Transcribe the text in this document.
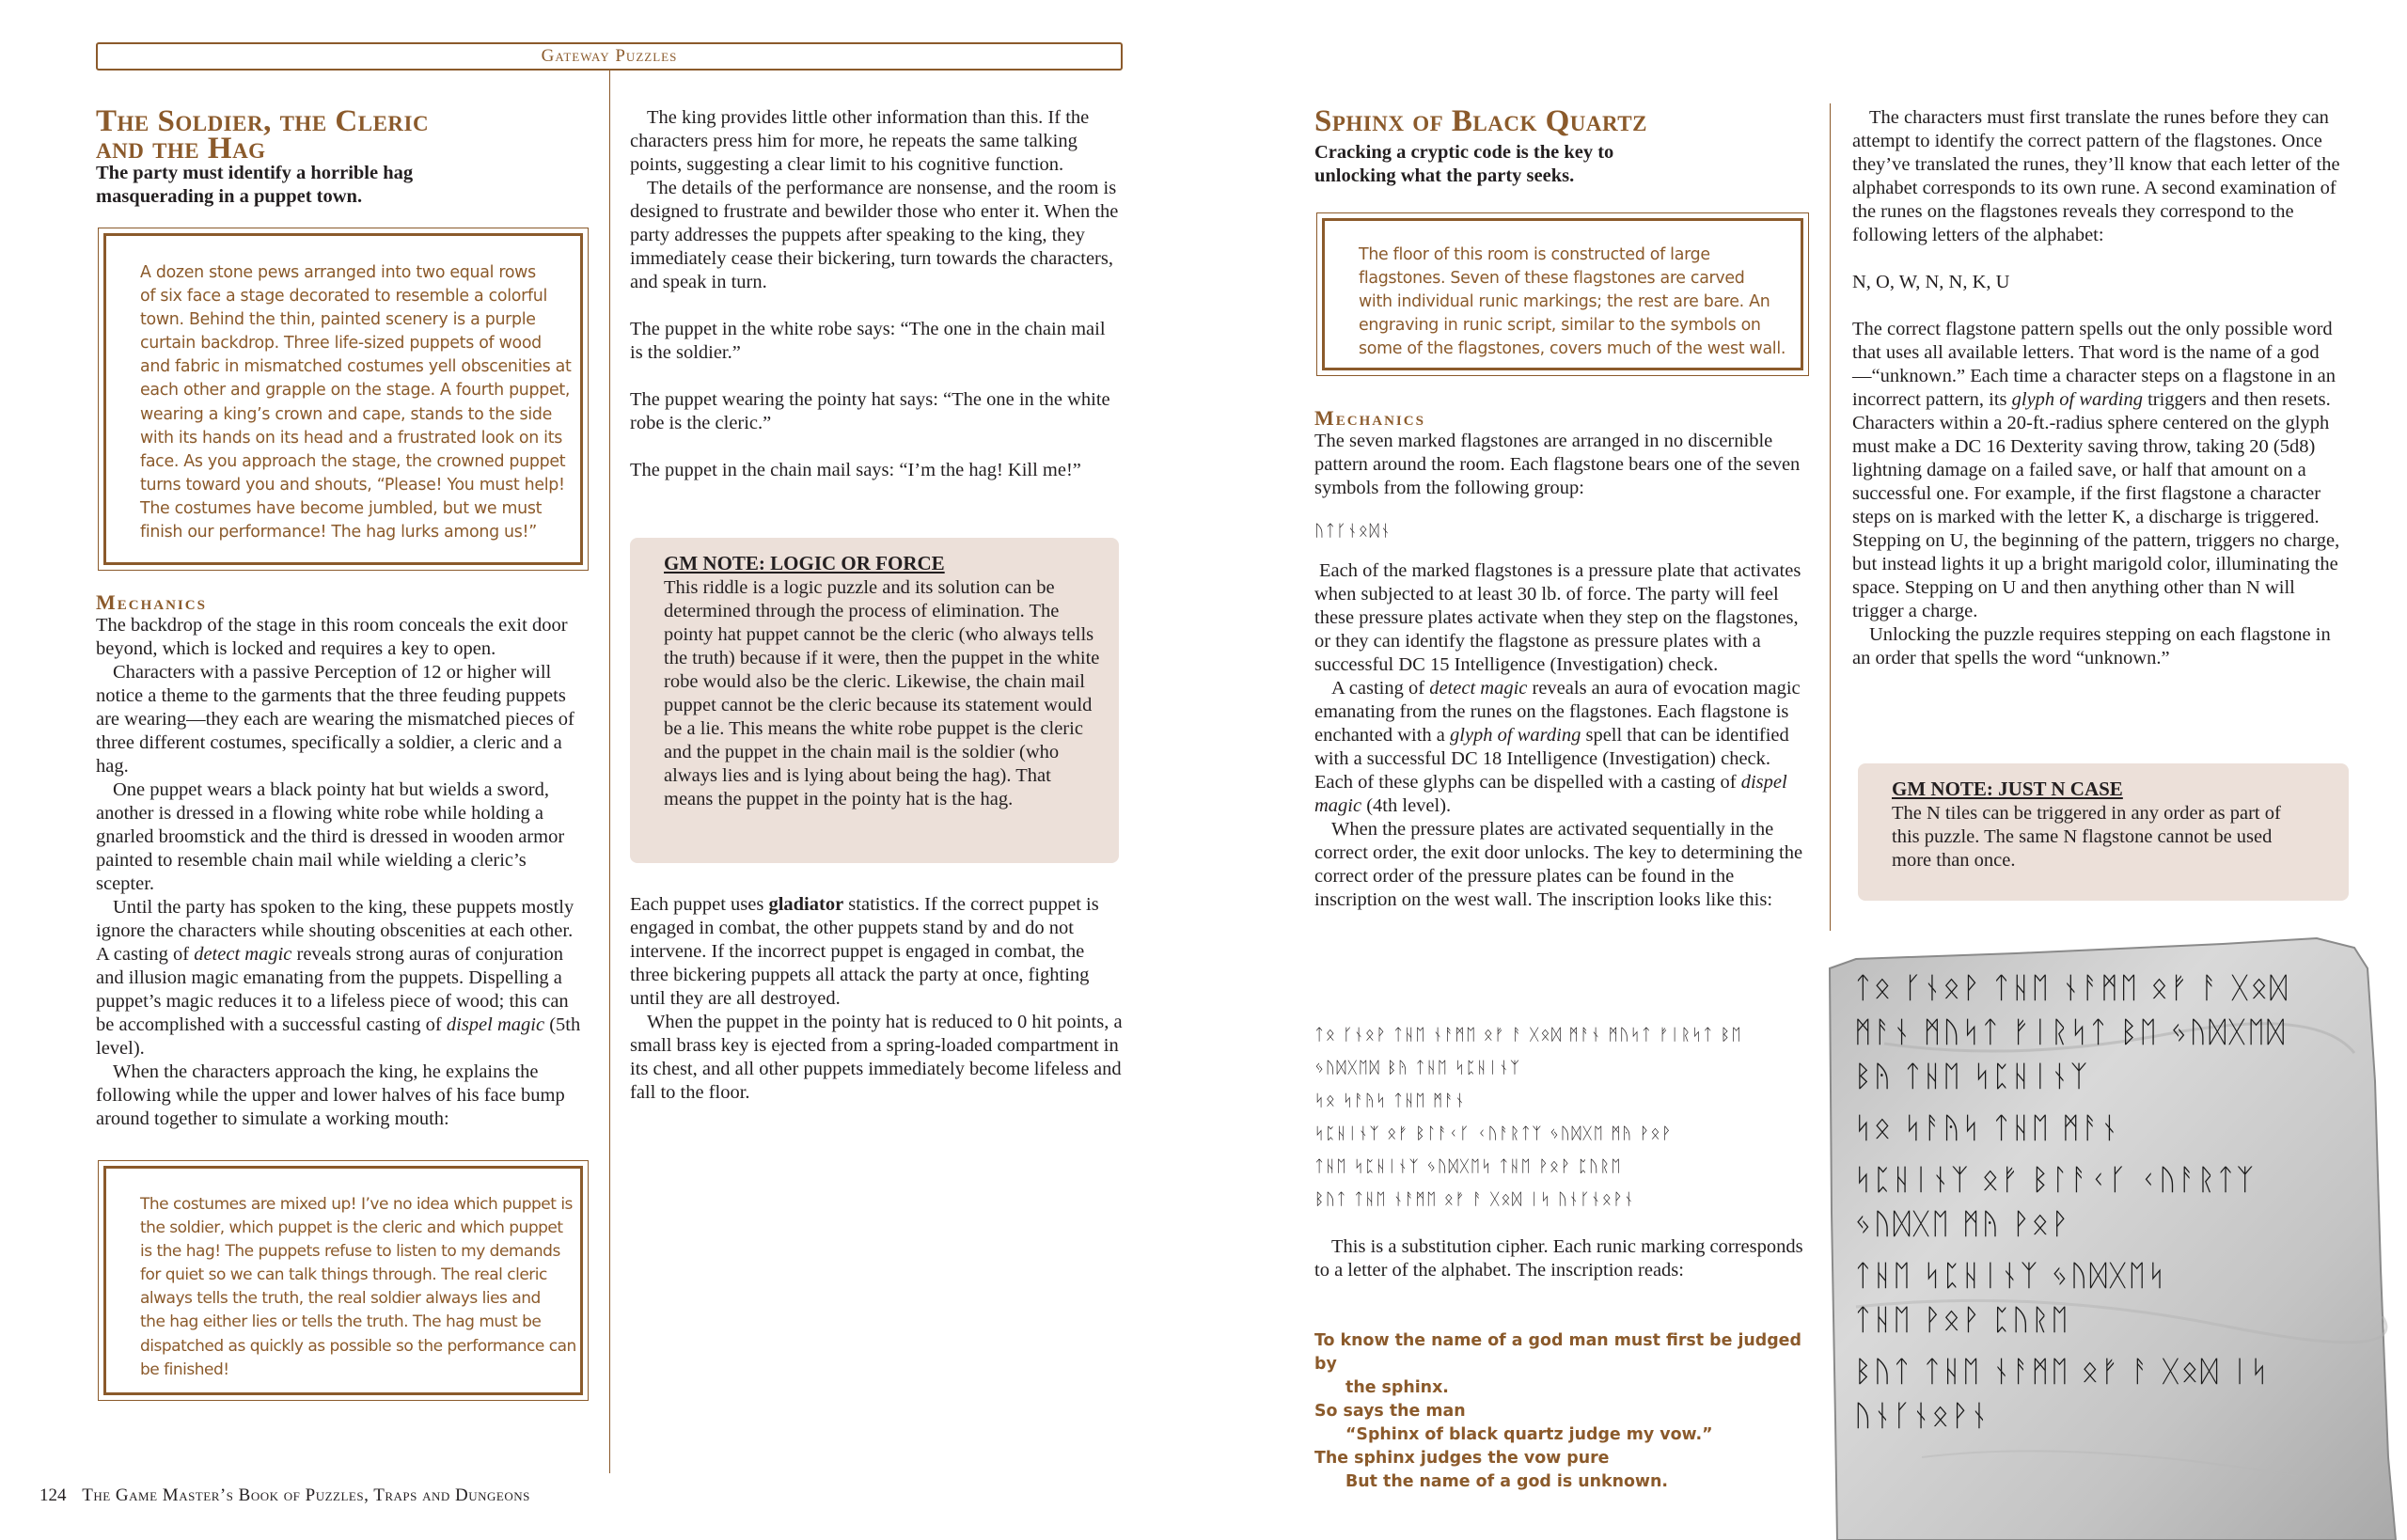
Gateway Puzzles
The Soldier, the Cleric
and the Hag

The party must identify a horrible hag
masquerading in a puppet town.

A dozen stone pews arranged into two equal rows
of six face a stage decorated to resemble a colorful
town. Behind the thin, painted scenery is a purple
curtain backdrop. Three life-sized puppets of wood
and fabric in mismatched costumes yell obscenities at
each other and grapple on the stage. A fourth puppet,
wearing a king’s crown and cape, stands to the side
with its hands on its head and a frustrated look on its
face. As you approach the stage, the crowned puppet
turns toward you and shouts, “Please! You must help!
The costumes have become jumbled, but we must
finish our performance! The hag lurks among us!”
Mechanics

The backdrop of the stage in this room conceals the exit door beyond, which is locked and requires a key to open.

Characters with a passive Perception of 12 or higher will notice a theme to the garments that the three feuding puppets are wearing—they each are wearing the mismatched pieces of three different costumes, specifically a soldier, a cleric and a hag.

One puppet wears a black pointy hat but wields a sword, another is dressed in a flowing white robe while holding a gnarled broomstick and the third is dressed in wooden armor painted to resemble chain mail while wielding a cleric’s scepter.

Until the party has spoken to the king, these puppets mostly ignore the characters while shouting obscenities at each other. A casting of detect magic reveals strong auras of conjuration and illusion magic emanating from the puppets. Dispelling a puppet’s magic reduces it to a lifeless piece of wood; this can be accomplished with a successful casting of dispel magic (5th level).

When the characters approach the king, he explains the following while the upper and lower halves of his face bump around together to simulate a working mouth:

The costumes are mixed up! I’ve no idea which puppet is
the soldier, which puppet is the cleric and which puppet
is the hag! The puppets refuse to listen to my demands
for quiet so we can talk things through. The real cleric
always tells the truth, the real soldier always lies and
the hag either lies or tells the truth. The hag must be
dispatched as quickly as possible so the performance can
be finished!

The king provides little other information than this. If the characters press him for more, he repeats the same talking points, suggesting a clear limit to his cognitive function.

The details of the performance are nonsense, and the room is designed to frustrate and bewilder those who enter it. When the party addresses the puppets after speaking to the king, they immediately cease their bickering, turn towards the characters, and speak in turn.

The puppet in the white robe says: “The one in the chain mail is the soldier.”

The puppet wearing the pointy hat says: “The one in the white robe is the cleric.”

The puppet in the chain mail says: “I’m the hag! Kill me!”

GM NOTE: LOGIC OR FORCE

This riddle is a logic puzzle and its solution can be determined through the process of elimination. The pointy hat puppet cannot be the cleric (who always tells the truth) because if it were, then the puppet in the white robe would also be the cleric. Likewise, the chain mail puppet cannot be the cleric because its statement would be a lie. This means the white robe puppet is the cleric and the puppet in the chain mail is the soldier (who always lies and is lying about being the hag). That means the puppet in the pointy hat is the hag.

Each puppet uses gladiator statistics. If the correct puppet is engaged in combat, the other puppets stand by and do not intervene. If the incorrect puppet is engaged in combat, the three bickering puppets all attack the party at once, fighting until they are all destroyed.

When the puppet in the pointy hat is reduced to 0 hit points, a small brass key is ejected from a spring-loaded compartment in its chest, and all other puppets immediately become lifeless and fall to the floor.

124 The Game Master’s Book of Puzzles, Traps and Dungeons
Sphinx of Black Quartz

Cracking a cryptic code is the key to
unlocking what the party seeks.

The floor of this room is constructed of large
flagstones. Seven of these flagstones are carved
with individual runic markings; the rest are bare. An
engraving in runic script, similar to the symbols on
some of the flagstones, covers much of the west wall.
Mechanics

The seven marked flagstones are arranged in no discernible pattern around the room. Each flagstone bears one of the seven symbols from the following group:

ᚢᛏᚴᚾᛟᛞᚾ

Each of the marked flagstones is a pressure plate that activates when subjected to at least 30 lb. of force. The party will feel these pressure plates activate when they step on the flagstones, or they can identify the flagstone as pressure plates with a successful DC 15 Intelligence (Investigation) check.

A casting of detect magic reveals an aura of evocation magic emanating from the runes on the flagstones. Each flagstone is enchanted with a glyph of warding spell that can be identified with a successful DC 18 Intelligence (Investigation) check. Each of these glyphs can be dispelled with a casting of dispel magic (4th level).

When the pressure plates are activated sequentially in the correct order, the exit door unlocks. The key to determining the correct order of the pressure plates can be found in the inscription on the west wall. The inscription looks like this:

ᛏᛟ ᚴᚾᛟᚹ ᛏᚺᛖ ᚾᚨᛗᛖ ᛟᚠ ᚨ ᚷᛟᛞ ᛗᚨᚾ ᛗᚢᛋᛏ ᚠᛁᚱᛋᛏ ᛒᛖ
ᛃᚢᛞᚷᛖᛞ ᛒᚤ ᛏᚺᛖ ᛋᛈᚺᛁᚾᛉ
ᛋᛟ ᛋᚨᚤᛋ ᛏᚺᛖ ᛗᚨᚾ
ᛋᛈᚺᛁᚾᛉ ᛟᚠ ᛒᛚᚨᚲᚴ ᚲᚢᚨᚱᛏᛉ ᛃᚢᛞᚷᛖ ᛗᚤ ᚹᛟᚹ
ᛏᚺᛖ ᛋᛈᚺᛁᚾᛉ ᛃᚢᛞᚷᛖᛋ ᛏᚺᛖ ᚹᛟᚹ ᛈᚢᚱᛖ
ᛒᚢᛏ ᛏᚺᛖ ᚾᚨᛗᛖ ᛟᚠ ᚨ ᚷᛟᛞ ᛁᛋ ᚢᚾᚴᚾᛟᚹᚾ

This is a substitution cipher. Each runic marking corresponds to a letter of the alphabet. The inscription reads:

To know the name of a god man must first be judged by
the sphinx.
So says the man
“Sphinx of black quartz judge my vow.”
The sphinx judges the vow pure
But the name of a god is unknown.

The characters must first translate the runes before they can attempt to identify the correct pattern of the flagstones. Once they’ve translated the runes, they’ll know that each letter of the alphabet corresponds to its own rune. A second examination of the runes on the flagstones reveals they correspond to the following letters of the alphabet:

N, O, W, N, N, K, U

The correct flagstone pattern spells out the only possible word that uses all available letters. That word is the name of a god—“unknown.” Each time a character steps on a flagstone in an incorrect pattern, its glyph of warding triggers and then resets. Characters within a 20-ft.-radius sphere centered on the glyph must make a DC 16 Dexterity saving throw, taking 20 (5d8) lightning damage on a failed save, or half that amount on a successful one. For example, if the first flagstone a character steps on is marked with the letter K, a discharge is triggered. Stepping on U, the beginning of the pattern, triggers no charge, but instead lights it up a bright marigold color, illuminating the space. Stepping on U and then anything other than N will trigger a charge.

Unlocking the puzzle requires stepping on each flagstone in an order that spells the word “unknown.”

GM NOTE: JUST N CASE

The N tiles can be triggered in any order as part of this puzzle. The same N flagstone cannot be used more than once.

ᛏᛟ ᚴᚾᛟᚹ ᛏᚺᛖ ᚾᚨᛗᛖ ᛟᚠ ᚨ ᚷᛟᛞ
ᛗᚨᚾ ᛗᚢᛋᛏ ᚠᛁᚱᛋᛏ ᛒᛖ ᛃᚢᛞᚷᛖᛞ
ᛒᚤ ᛏᚺᛖ ᛋᛈᚺᛁᚾᛉ
ᛋᛟ ᛋᚨᚤᛋ ᛏᚺᛖ ᛗᚨᚾ
ᛋᛈᚺᛁᚾᛉ ᛟᚠ ᛒᛚᚨᚲᚴ ᚲᚢᚨᚱᛏᛉ
ᛃᚢᛞᚷᛖ ᛗᚤ ᚹᛟᚹ
ᛏᚺᛖ ᛋᛈᚺᛁᚾᛉ ᛃᚢᛞᚷᛖᛋ
ᛏᚺᛖ ᚹᛟᚹ ᛈᚢᚱᛖ
ᛒᚢᛏ ᛏᚺᛖ ᚾᚨᛗᛖ ᛟᚠ ᚨ ᚷᛟᛞ ᛁᛋ
ᚢᚾᚴᚾᛟᚹᚾ
